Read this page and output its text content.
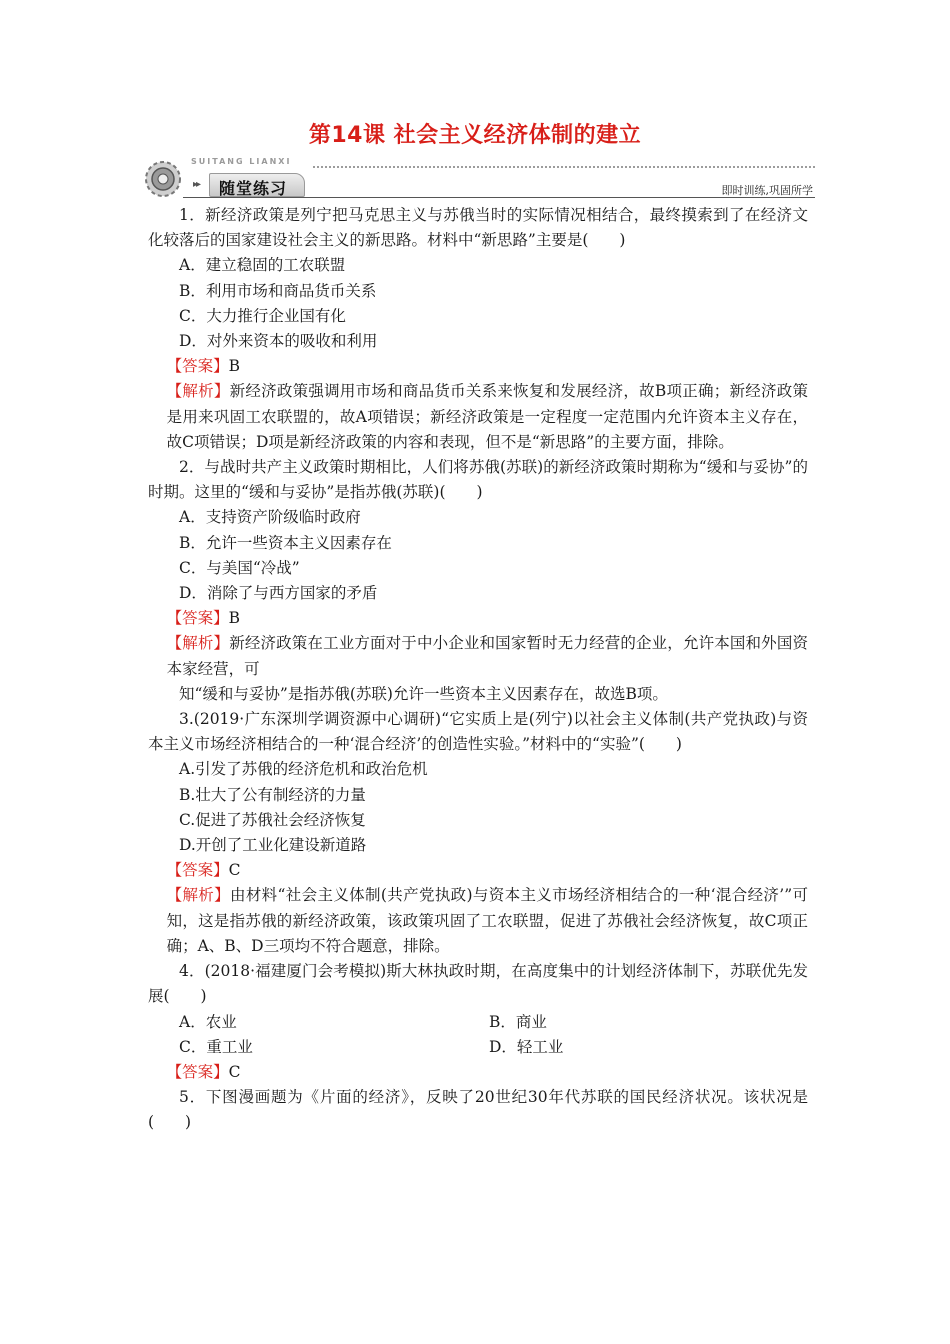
第14课 社会主义经济体制的建立
SUITANG LIANXI
▸▸ 随堂练习	即时训练,巩固所学

1．新经济政策是列宁把马克思主义与苏俄当时的实际情况相结合，最终摸索到了在经济文化较落后的国家建设社会主义的新思路。材料中“新思路”主要是(　　)

A．建立稳固的工农联盟

B．利用市场和商品货币关系

C．大力推行企业国有化

D．对外来资本的吸收和利用

【答案】B

【解析】新经济政策强调用市场和商品货币关系来恢复和发展经济，故B项正确；新经济政策是用来巩固工农联盟的，故A项错误；新经济政策是一定程度一定范围内允许资本主义存在，故C项错误；D项是新经济政策的内容和表现，但不是“新思路”的主要方面，排除。

2．与战时共产主义政策时期相比，人们将苏俄(苏联)的新经济政策时期称为“缓和与妥协”的时期。这里的“缓和与妥协”是指苏俄(苏联)(　　)

A．支持资产阶级临时政府

B．允许一些资本主义因素存在

C．与美国“冷战”

D．消除了与西方国家的矛盾

【答案】B

【解析】新经济政策在工业方面对于中小企业和国家暂时无力经营的企业，允许本国和外国资本家经营，可

知“缓和与妥协”是指苏俄(苏联)允许一些资本主义因素存在，故选B项。

3.(2019·广东深圳学调资源中心调研)“它实质上是(列宁)以社会主义体制(共产党执政)与资本主义市场经济相结合的一种‘混合经济’的创造性实验。”材料中的“实验”(　　)

A.引发了苏俄的经济危机和政治危机

B.壮大了公有制经济的力量

C.促进了苏俄社会经济恢复

D.开创了工业化建设新道路

【答案】C

【解析】由材料“社会主义体制(共产党执政)与资本主义市场经济相结合的一种‘混合经济’”可知，这是指苏俄的新经济政策，该政策巩固了工农联盟，促进了苏俄社会经济恢复，故C项正确；A、B、D三项均不符合题意，排除。

4．(2018·福建厦门会考模拟)斯大林执政时期，在高度集中的计划经济体制下，苏联优先发展(　　)

A．农业	B．商业
C．重工业	D．轻工业

【答案】C

5．下图漫画题为《片面的经济》，反映了20世纪30年代苏联的国民经济状况。该状况是(　　)
